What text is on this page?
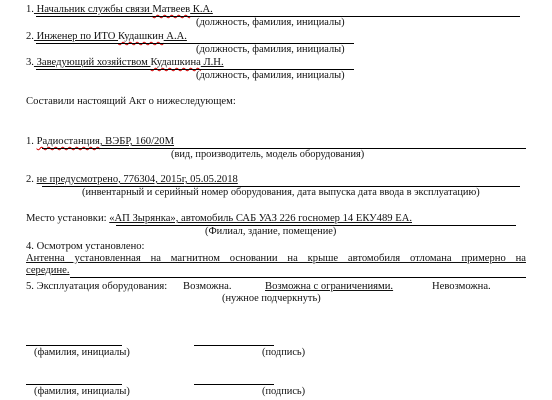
1. Начальник службы связи Матвеев К.А.
(должность, фамилия, инициалы)
2. Инженер по ИТО Кудашкин А.А.
(должность, фамилия, инициалы)
3. Заведующий хозяйством Кудашкина Л.Н.
(должность, фамилия, инициалы)
Составили настоящий Акт о нижеследующем:
1. Радиостанция, ВЭБР, 160/20М
(вид, производитель, модель оборудования)
2. не предусмотрено, 776304, 2015г, 05.05.2018
(инвентарный и серийный номер оборудования, дата выпуска дата ввода в эксплуатацию)
Место установки: «АП Зырянка», автомобиль САБ УАЗ 226 госномер 14 ЕКУ489 ЕА.
(Филиал, здание, помещение)
4. Осмотром установлено:
Антенна установленная на магнитном основании на крыше автомобиля отломана примерно на
середине.
5. Эксплуатация оборудования: Возможна.	Возможна с ограничениями.	Невозможна.
(нужное подчеркнуть)
(фамилия, инициалы)	(подпись)
(фамилия, инициалы)	(подпись)
